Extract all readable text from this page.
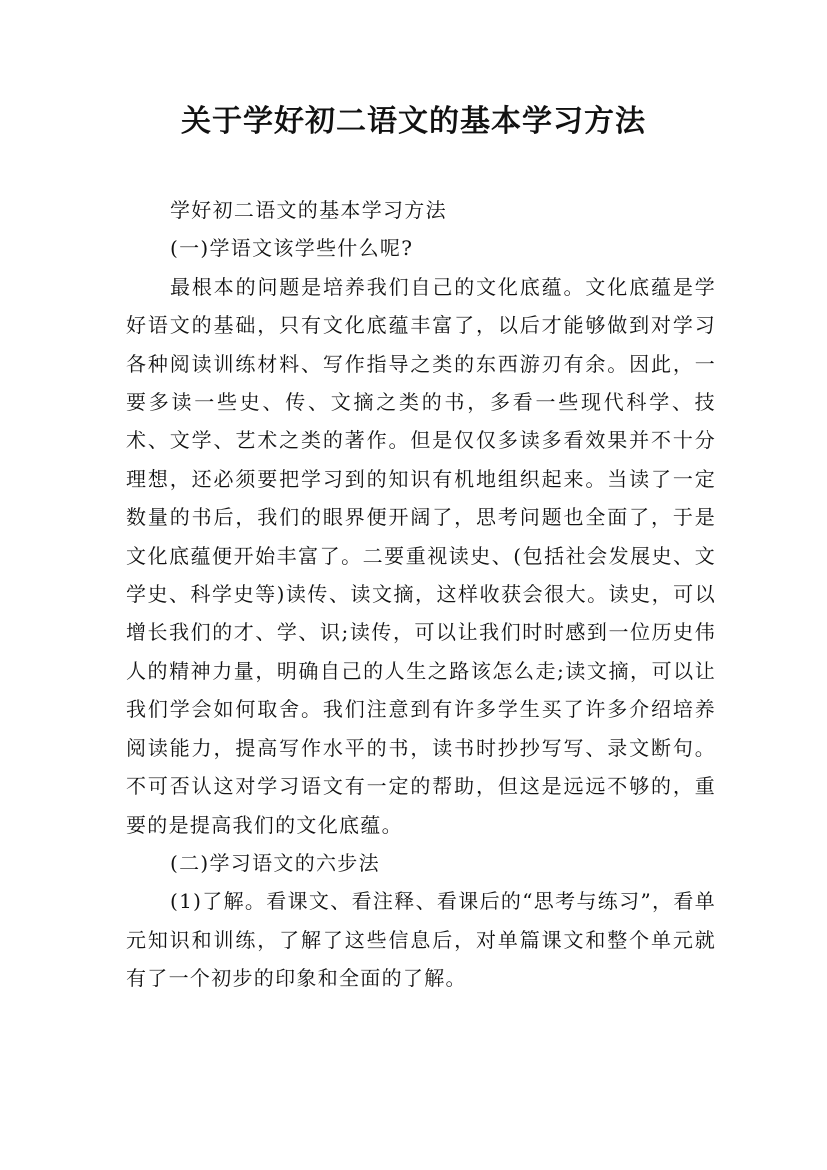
关于学好初二语文的基本学习方法

学好初二语文的基本学习方法

(一)学语文该学些什么呢?

最根本的问题是培养我们自己的文化底蕴。文化底蕴是学好语文的基础，只有文化底蕴丰富了，以后才能够做到对学习各种阅读训练材料、写作指导之类的东西游刃有余。因此，一要多读一些史、传、文摘之类的书，多看一些现代科学、技术、文学、艺术之类的著作。但是仅仅多读多看效果并不十分理想，还必须要把学习到的知识有机地组织起来。当读了一定数量的书后，我们的眼界便开阔了，思考问题也全面了，于是文化底蕴便开始丰富了。二要重视读史、(包括社会发展史、文学史、科学史等)读传、读文摘，这样收获会很大。读史，可以增长我们的才、学、识;读传，可以让我们时时感到一位历史伟人的精神力量，明确自己的人生之路该怎么走;读文摘，可以让我们学会如何取舍。我们注意到有许多学生买了许多介绍培养阅读能力，提高写作水平的书，读书时抄抄写写、录文断句。不可否认这对学习语文有一定的帮助，但这是远远不够的，重要的是提高我们的文化底蕴。

(二)学习语文的六步法

(1)了解。看课文、看注释、看课后的“思考与练习”，看单元知识和训练，了解了这些信息后，对单篇课文和整个单元就有了一个初步的印象和全面的了解。
